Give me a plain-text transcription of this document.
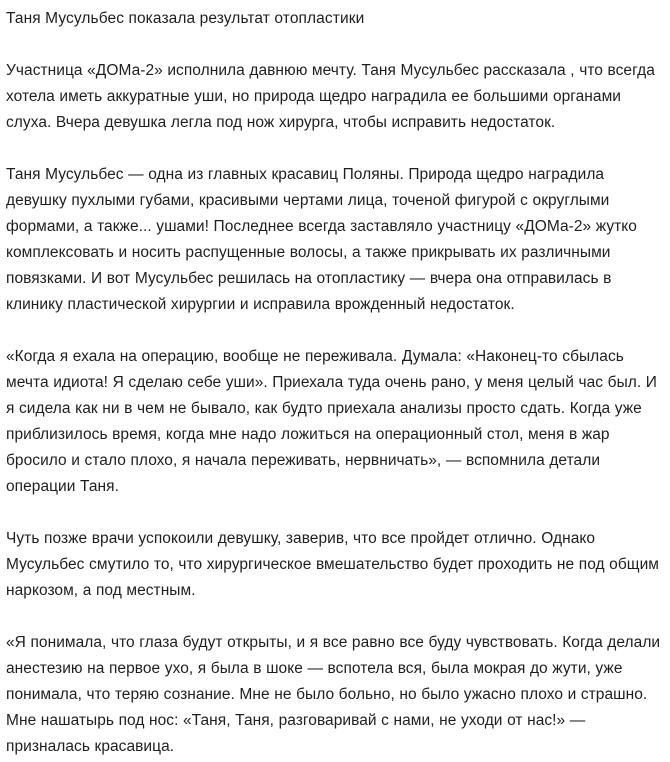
Таня Мусульбес показала результат отопластики

Участница «ДОМа-2» исполнила давнюю мечту. Таня Мусульбес рассказала , что всегда хотела иметь аккуратные уши, но природа щедро наградила ее большими органами слуха. Вчера девушка легла под нож хирурга, чтобы исправить недостаток.

Таня Мусульбес — одна из главных красавиц Поляны. Природа щедро наградила девушку пухлыми губами, красивыми чертами лица, точеной фигурой с округлыми формами, а также... ушами! Последнее всегда заставляло участницу «ДОМа-2» жутко комплексовать и носить распущенные волосы, а также прикрывать их различными повязками. И вот Мусульбес решилась на отопластику — вчера она отправилась в клинику пластической хирургии и исправила врожденный недостаток.

«Когда я ехала на операцию, вообще не переживала. Думала: «Наконец-то сбылась мечта идиота! Я сделаю себе уши». Приехала туда очень рано, у меня целый час был. И я сидела как ни в чем не бывало, как будто приехала анализы просто сдать. Когда уже приблизилось время, когда мне надо ложиться на операционный стол, меня в жар бросило и стало плохо, я начала переживать, нервничать», — вспомнила детали операции Таня.

Чуть позже врачи успокоили девушку, заверив, что все пройдет отлично. Однако Мусульбес смутило то, что хирургическое вмешательство будет проходить не под общим наркозом, а под местным.

«Я понимала, что глаза будут открыты, и я все равно все буду чувствовать. Когда делали анестезию на первое ухо, я была в шоке — вспотела вся, была мокрая до жути, уже понимала, что теряю сознание. Мне не было больно, но было ужасно плохо и страшно. Мне нашатырь под нос: «Таня, Таня, разговаривай с нами, не уходи от нас!» — призналась красавица.
